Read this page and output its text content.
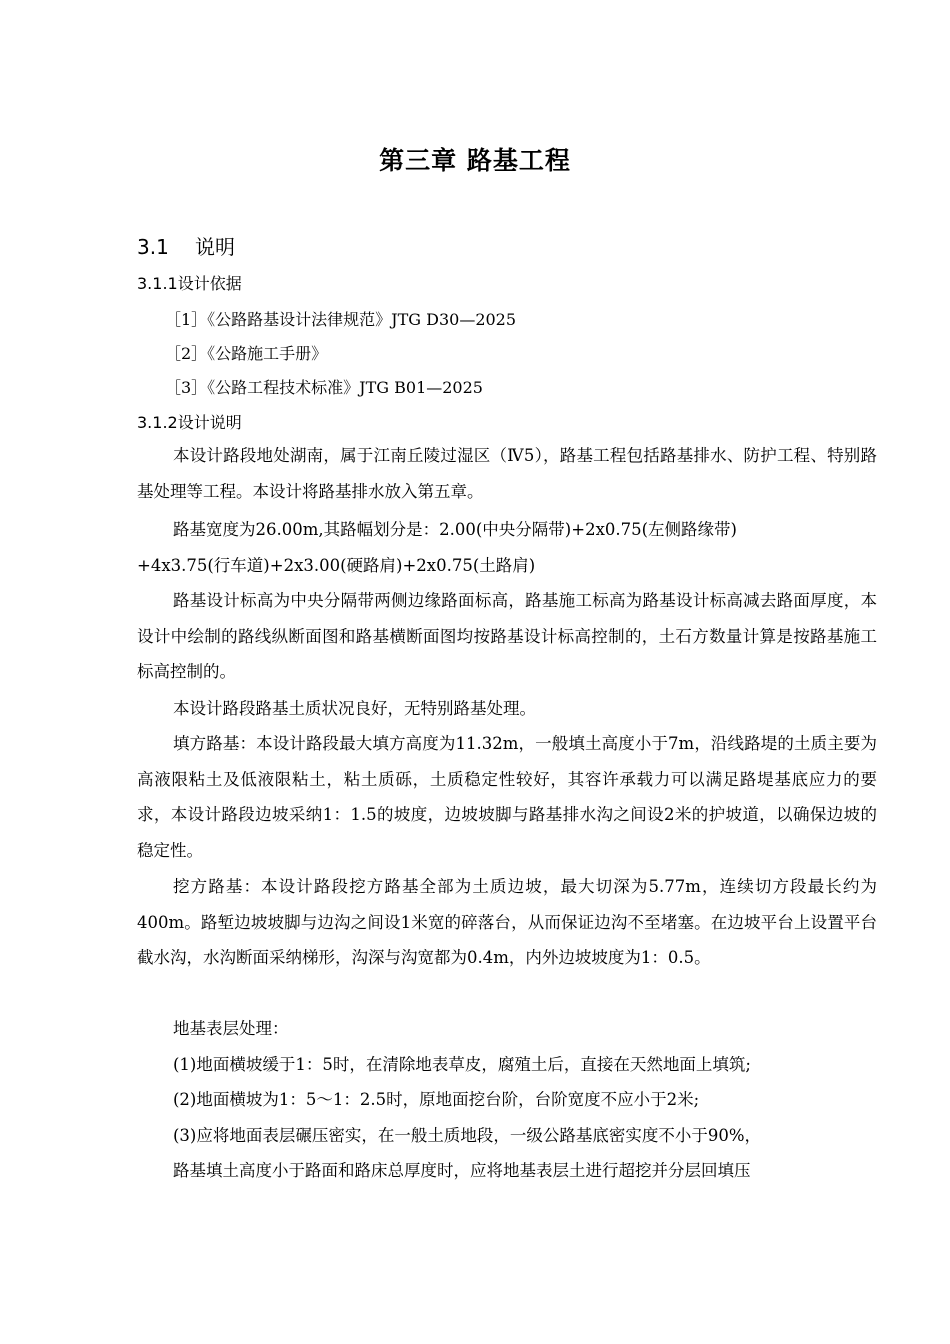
第三章 路基工程
3.1 说明
3.1.1设计依据
［1］《公路路基设计法律规范》JTG D30—2025
［2］《公路施工手册》
［3］《公路工程技术标准》JTG B01—2025
3.1.2设计说明
本设计路段地处湖南，属于江南丘陵过湿区（Ⅳ5），路基工程包括路基排水、防护工程、特别路基处理等工程。本设计将路基排水放入第五章。
路基宽度为26.00m,其路幅划分是：2.00(中央分隔带)+2x0.75(左侧路缘带)
+4x3.75(行车道)+2x3.00(硬路肩)+2x0.75(土路肩)
路基设计标高为中央分隔带两侧边缘路面标高，路基施工标高为路基设计标高减去路面厚度，本设计中绘制的路线纵断面图和路基横断面图均按路基设计标高控制的，土石方数量计算是按路基施工标高控制的。
本设计路段路基土质状况良好，无特别路基处理。
填方路基：本设计路段最大填方高度为11.32m，一般填土高度小于7m，沿线路堤的土质主要为高液限粘土及低液限粘土，粘土质砾，土质稳定性较好，其容许承载力可以满足路堤基底应力的要求，本设计路段边坡采纳1：1.5的坡度，边坡坡脚与路基排水沟之间设2米的护坡道，以确保边坡的稳定性。
挖方路基：本设计路段挖方路基全部为土质边坡，最大切深为5.77m，连续切方段最长约为400m。路堑边坡坡脚与边沟之间设1米宽的碎落台，从而保证边沟不至堵塞。在边坡平台上设置平台截水沟，水沟断面采纳梯形，沟深与沟宽都为0.4m，内外边坡坡度为1：0.5。
地基表层处理：
(1)地面横坡缓于1：5时，在清除地表草皮，腐殖土后，直接在天然地面上填筑;
(2)地面横坡为1：5～1：2.5时，原地面挖台阶，台阶宽度不应小于2米;
(3)应将地面表层碾压密实，在一般土质地段，一级公路基底密实度不小于90%，
路基填土高度小于路面和路床总厚度时，应将地基表层土进行超挖并分层回填压
